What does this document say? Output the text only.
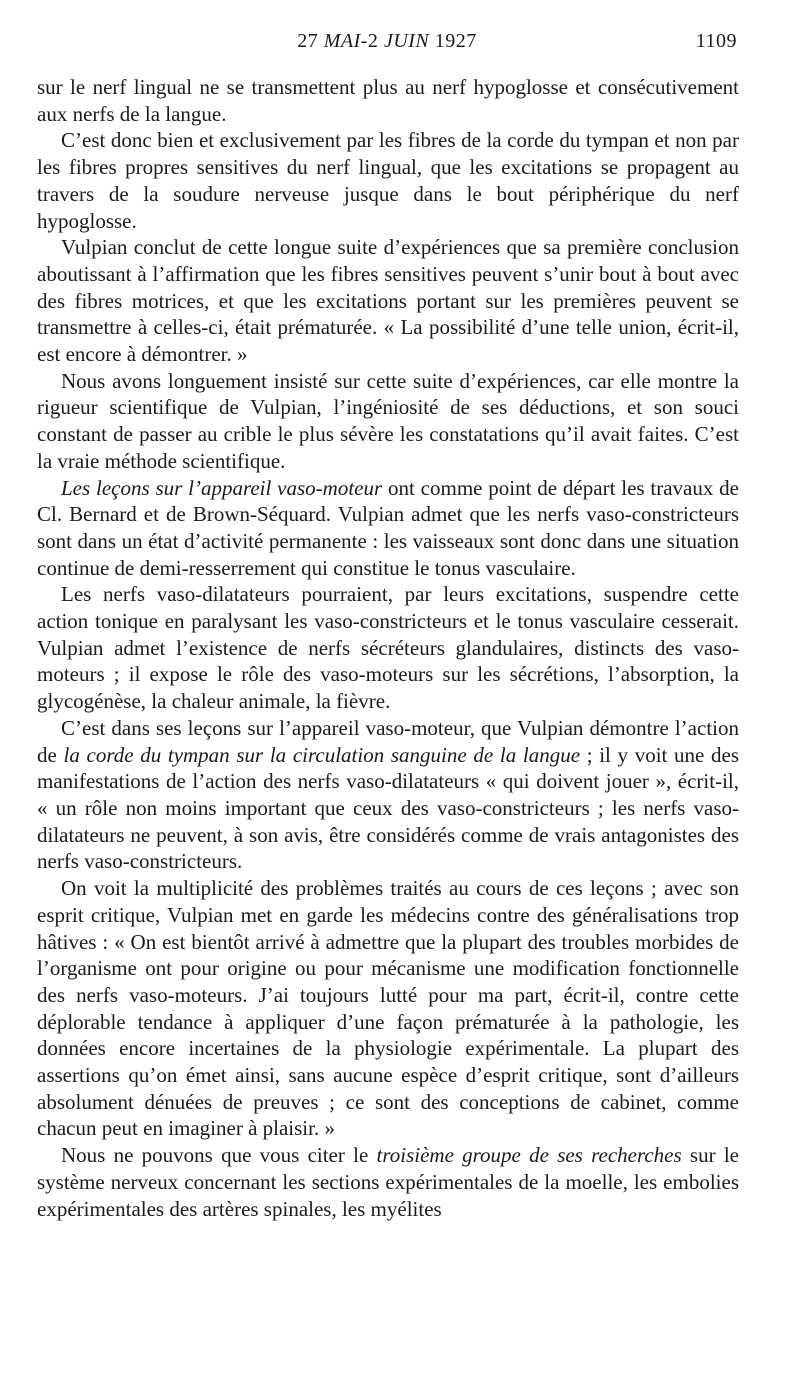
27 MAI-2 JUIN 1927	1109

sur le nerf lingual ne se transmettent plus au nerf hypoglosse et consécutivement aux nerfs de la langue.

C’est donc bien et exclusivement par les fibres de la corde du tympan et non par les fibres propres sensitives du nerf lingual, que les excitations se propagent au travers de la soudure nerveuse jusque dans le bout périphérique du nerf hypoglosse.

Vulpian conclut de cette longue suite d’expériences que sa première conclusion aboutissant à l’affirmation que les fibres sensitives peuvent s’unir bout à bout avec des fibres motrices, et que les excitations portant sur les premières peuvent se transmettre à celles-ci, était prématurée. « La possibilité d’une telle union, écrit-il, est encore à démontrer. »

Nous avons longuement insisté sur cette suite d’expériences, car elle montre la rigueur scientifique de Vulpian, l’ingéniosité de ses déductions, et son souci constant de passer au crible le plus sévère les constatations qu’il avait faites. C’est la vraie méthode scientifique.

Les leçons sur l’appareil vaso-moteur ont comme point de départ les travaux de Cl. Bernard et de Brown-Séquard. Vulpian admet que les nerfs vaso-constricteurs sont dans un état d’activité permanente : les vaisseaux sont donc dans une situation continue de demi-resserrement qui constitue le tonus vasculaire.

Les nerfs vaso-dilatateurs pourraient, par leurs excitations, suspendre cette action tonique en paralysant les vaso-constricteurs et le tonus vasculaire cesserait. Vulpian admet l’existence de nerfs sécréteurs glandulaires, distincts des vaso-moteurs ; il expose le rôle des vaso-moteurs sur les sécrétions, l’absorption, la glycogénèse, la chaleur animale, la fièvre.

C’est dans ses leçons sur l’appareil vaso-moteur, que Vulpian démontre l’action de la corde du tympan sur la circulation sanguine de la langue ; il y voit une des manifestations de l’action des nerfs vaso-dilatateurs « qui doivent jouer », écrit-il, « un rôle non moins important que ceux des vaso-constricteurs ; les nerfs vaso-dilatateurs ne peuvent, à son avis, être considérés comme de vrais antagonistes des nerfs vaso-constricteurs.

On voit la multiplicité des problèmes traités au cours de ces leçons ; avec son esprit critique, Vulpian met en garde les médecins contre des généralisations trop hâtives : « On est bientôt arrivé à admettre que la plupart des troubles morbides de l’organisme ont pour origine ou pour mécanisme une modification fonctionnelle des nerfs vaso-moteurs. J’ai toujours lutté pour ma part, écrit-il, contre cette déplorable tendance à appliquer d’une façon prématurée à la pathologie, les données encore incertaines de la physiologie expérimentale. La plupart des assertions qu’on émet ainsi, sans aucune espèce d’esprit critique, sont d’ailleurs absolument dénuées de preuves ; ce sont des conceptions de cabinet, comme chacun peut en imaginer à plaisir. »

Nous ne pouvons que vous citer le troisième groupe de ses recherches sur le système nerveux concernant les sections expérimentales de la moelle, les embolies expérimentales des artères spinales, les myélites
